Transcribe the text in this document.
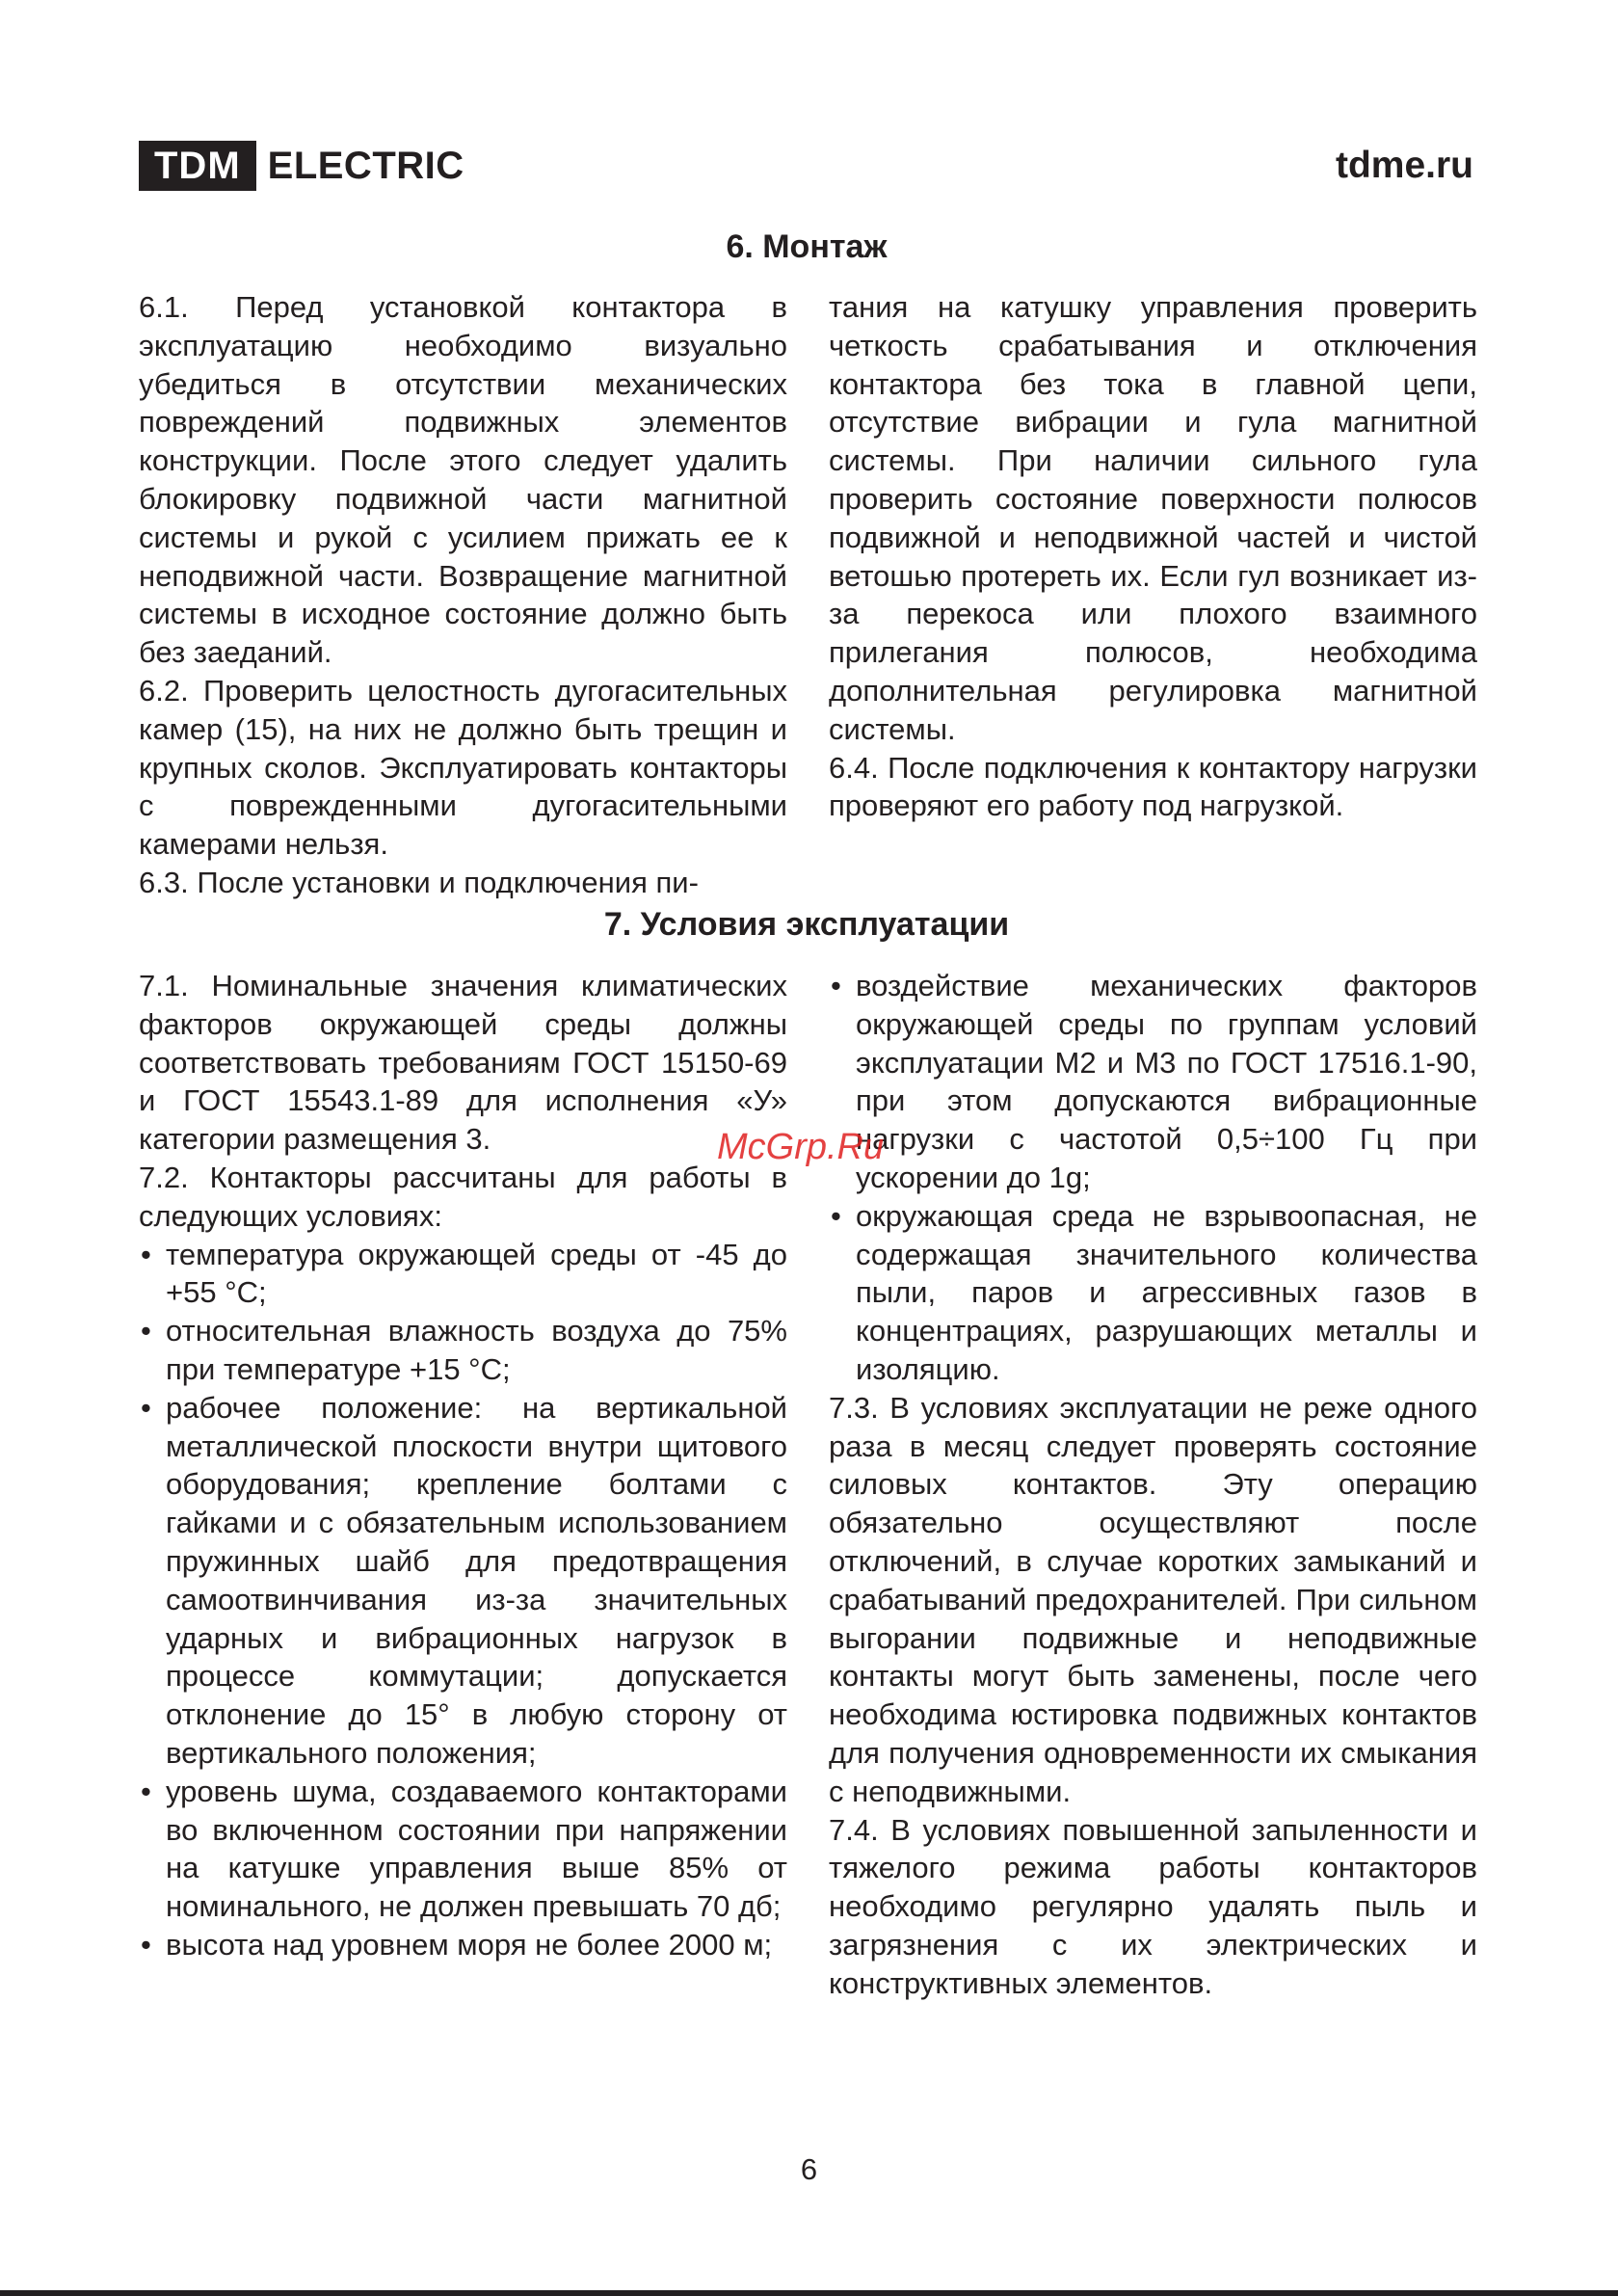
TDM ELECTRIC	tdme.ru
6. Монтаж

6.1. Перед установкой контактора в эксплуатацию необходимо визуально убедиться в отсутствии механических повреждений подвижных элементов конструкции. После этого следует удалить блокировку подвижной части магнитной системы и рукой с усилием прижать ее к неподвижной части. Возвращение магнитной системы в исходное состояние должно быть без заеданий.

6.2. Проверить целостность дугогасительных камер (15), на них не должно быть трещин и крупных сколов. Эксплуатировать контакторы с поврежденными дугогасительными камерами нельзя.

6.3. После установки и подключения пи-

тания на катушку управления проверить четкость срабатывания и отключения контактора без тока в главной цепи, отсутствие вибрации и гула магнитной системы. При наличии сильного гула проверить состояние поверхности полюсов подвижной и неподвижной частей и чистой ветошью протереть их. Если гул возникает из-за перекоса или плохого взаимного прилегания полюсов, необходима дополнительная регулировка магнитной системы.

6.4. После подключения к контактору нагрузки проверяют его работу под нагрузкой.

7. Условия эксплуатации

7.1. Номинальные значения климатических факторов окружающей среды должны соответствовать требованиям ГОСТ 15150-69 и ГОСТ 15543.1-89 для исполнения «У» категории размещения 3.

7.2. Контакторы рассчитаны для работы в следующих условиях:

• температура окружающей среды от -45 до +55 °C;
• относительная влажность воздуха до 75% при температуре +15 °C;
• рабочее положение: на вертикальной металлической плоскости внутри щитового оборудования; крепление болтами с гайками и с обязательным использованием пружинных шайб для предотвращения самоотвинчивания из-за значительных ударных и вибрационных нагрузок в процессе коммутации; допускается отклонение до 15° в любую сторону от вертикального положения;
• уровень шума, создаваемого контакторами во включенном состоянии при напряжении на катушке управления выше 85% от номинального, не должен превышать 70 дб;
• высота над уровнем моря не более 2000 м;
• воздействие механических факторов окружающей среды по группам условий эксплуатации М2 и М3 по ГОСТ 17516.1-90, при этом допускаются вибрационные нагрузки с частотой 0,5÷100 Гц при ускорении до 1g;
• окружающая среда не взрывоопасная, не содержащая значительного количества пыли, паров и агрессивных газов в концентрациях, разрушающих металлы и изоляцию.

7.3. В условиях эксплуатации не реже одного раза в месяц следует проверять состояние силовых контактов. Эту операцию обязательно осуществляют после отключений, в случае коротких замыканий и срабатываний предохранителей. При сильном выгорании подвижные и неподвижные контакты могут быть заменены, после чего необходима юстировка подвижных контактов для получения одновременности их смыкания с неподвижными.

7.4. В условиях повышенной запыленности и тяжелого режима работы контакторов необходимо регулярно удалять пыль и загрязнения с их электрических и конструктивных элементов.

McGrp.Ru
6
